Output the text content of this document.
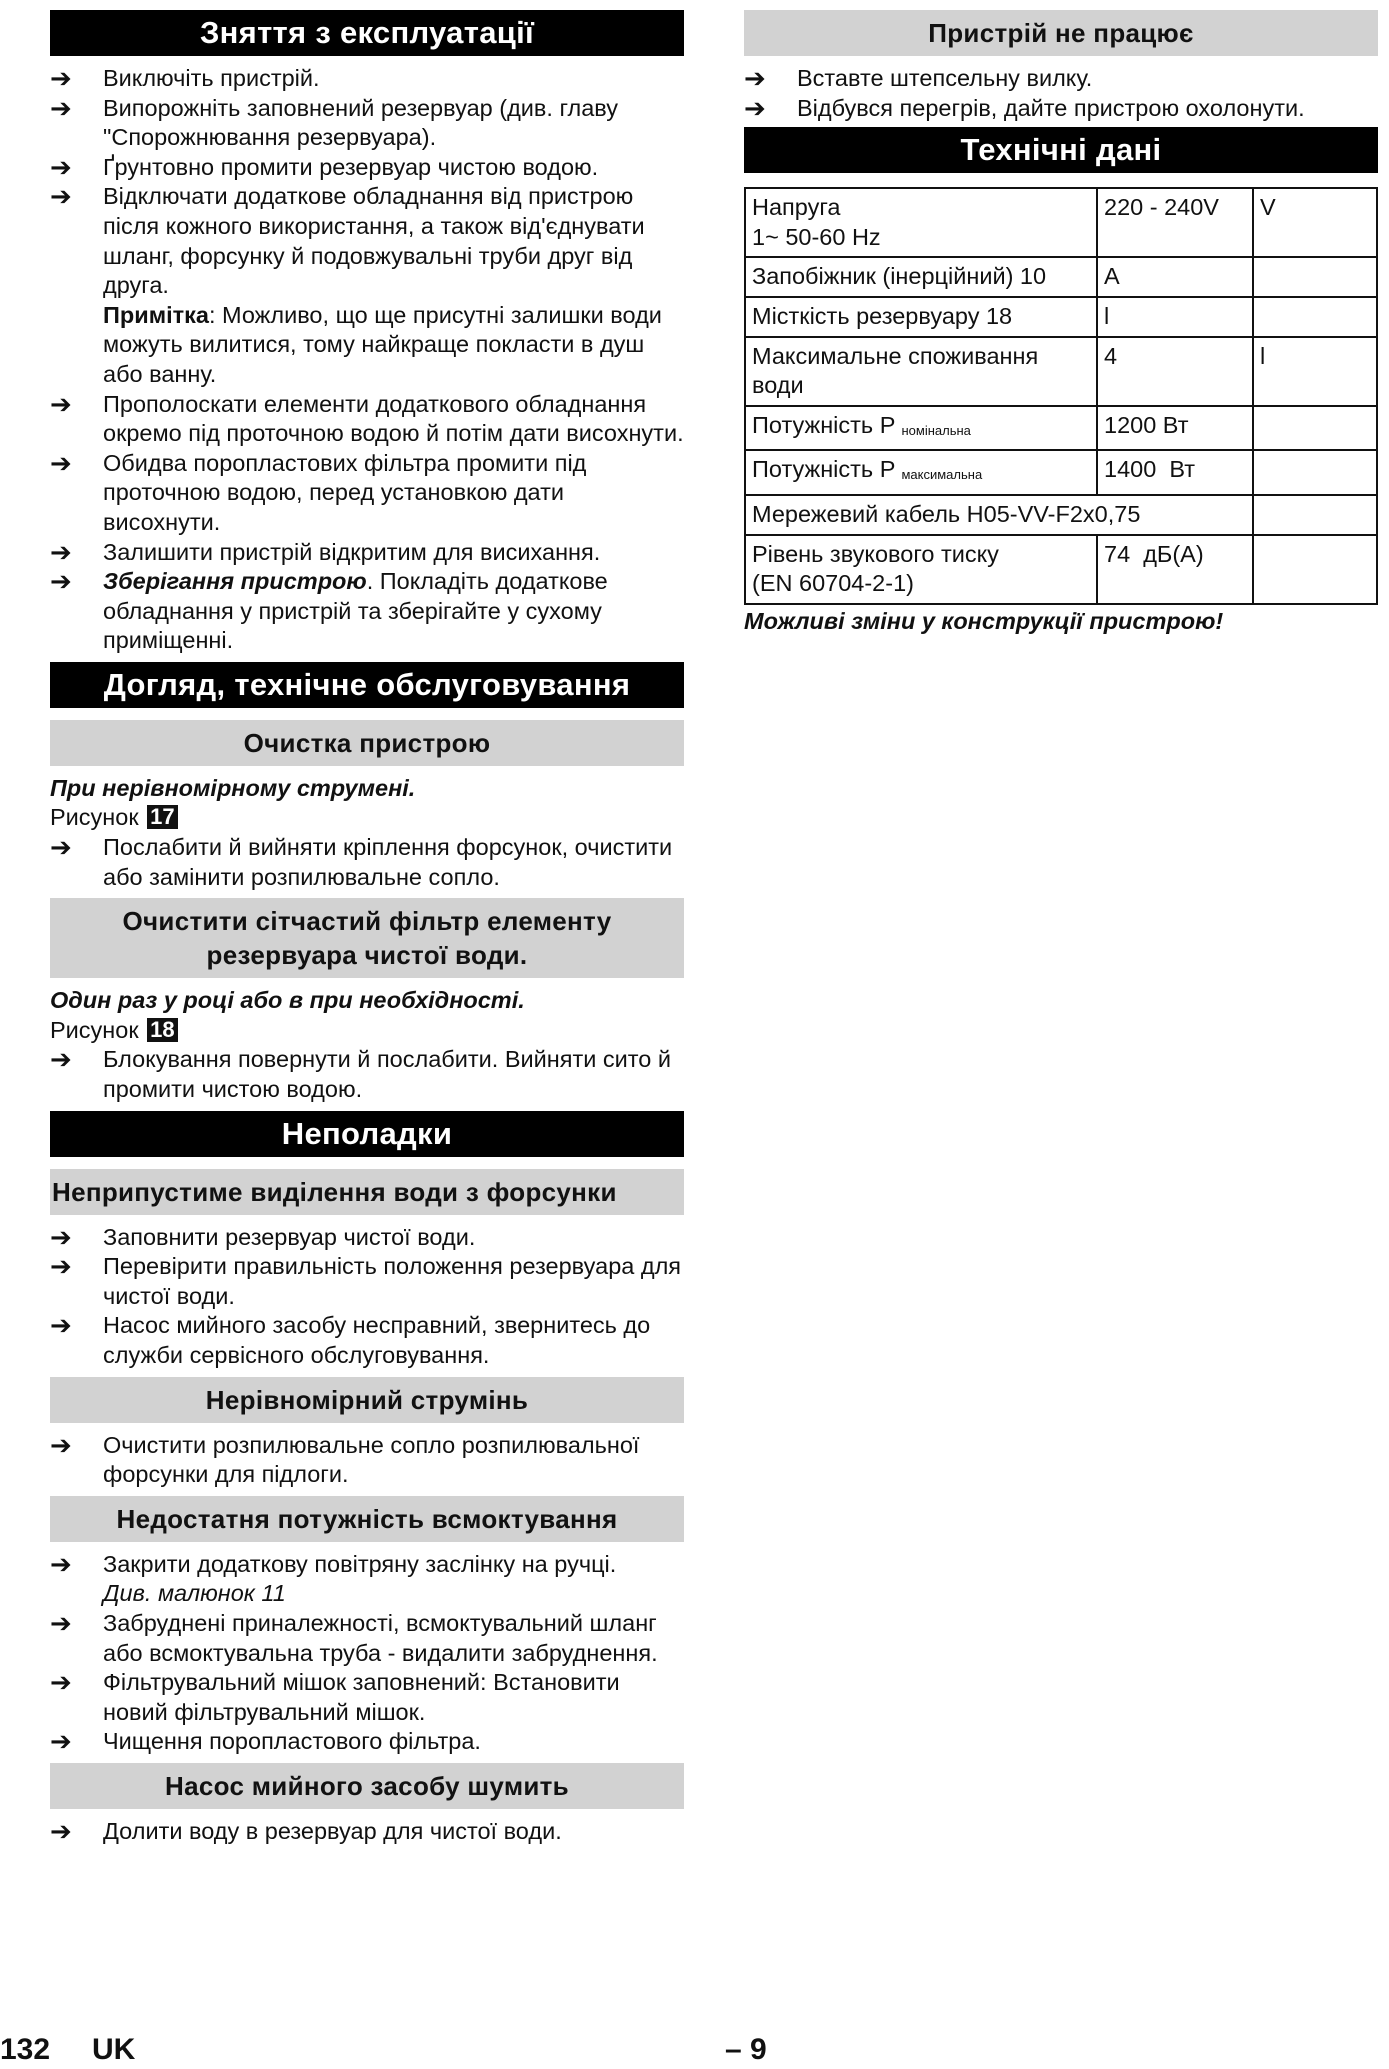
Зняття з експлуатації
➔ Виключіть пристрій.
➔ Випорожніть заповнений резервуар (див. главу "Спорожнювання резервуара).
➔ Ґрунтовно промити резервуар чистою водою.
➔ Відключати додаткове обладнання від пристрою після кожного використання, а також від'єднувати шланг, форсунку й подовжувальні труби друг від друга.
Примітка: Можливо, що ще присутні залишки води можуть вилитися, тому найкраще покласти в душ або ванну.
➔ Прополоскати елементи додаткового обладнання окремо під проточною водою й потім дати висохнути.
➔ Обидва поропластових фільтра промити під проточною водою, перед установкою дати висохнути.
➔ Залишити пристрій відкритим для висихання.
➔ Зберігання пристрою. Покладіть додаткове обладнання у пристрій та зберігайте у сухому приміщенні.
Догляд, технічне обслуговування
Очистка пристрою
При нерівномірному струмені.
Рисунок 17
➔ Послабити й вийняти кріплення форсунок, очистити або замінити розпилювальне сопло.
Очистити сітчастий фільтр елементу резервуара чистої води.
Один раз у році або в при необхідності.
Рисунок 18
➔ Блокування повернути й послабити. Вийняти сито й промити чистою водою.
Неполадки
Неприпустиме виділення води з форсунки
➔ Заповнити резервуар чистої води.
➔ Перевірити правильність положення резервуара для чистої води.
➔ Насос мийного засобу несправний, звернитесь до служби сервісного обслуговування.
Нерівномірний струмінь
➔ Очистити розпилювальне сопло розпилювальної форсунки для підлоги.
Недостатня потужність всмоктування
➔ Закрити додаткову повітряну заслінку на ручці.
Див. малюнок 11
➔ Забруднені приналежності, всмоктувальний шланг або всмоктувальна труба - видалити забруднення.
➔ Фільтрувальний мішок заповнений: Встановити новий фільтрувальний мішок.
➔ Чищення поропластового фільтра.
Насос мийного засобу шумить
➔ Долити воду в резервуар для чистої води.
Пристрій не працює
➔ Вставте штепсельну вилку.
➔ Відбувся перегрів, дайте пристрою охолонути.
Технічні дані
Напруга
1~ 50-60 Hz	220 - 240V	V
Запобіжник (інерційний) 10	A	
Місткість резервуару 18	l	
Максимальне споживання води	4	l
Потужність P $_{номінальна}$	1200 Вт	
Потужність P $_{максимальна}$	1400  Вт	
Мережевий кабель H05-VV-F2x0,75		
Рівень звукового тиску
(EN 60704-2-1)	74  дБ(А)	
Можливі зміни у конструкції пристрою!
132 UK	– 9
